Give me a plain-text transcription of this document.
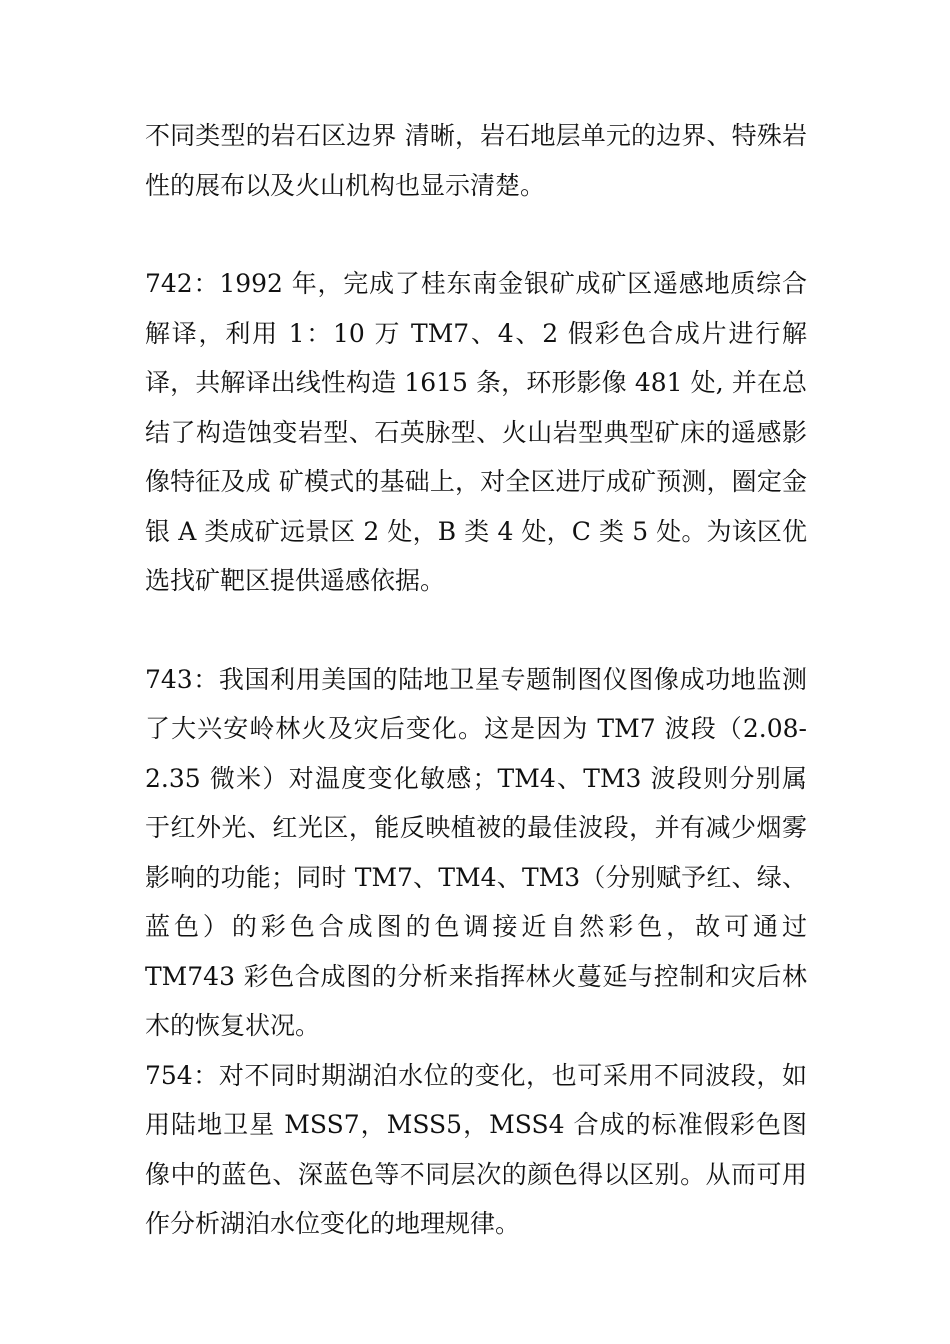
不同类型的岩石区边界 清晰，岩石地层单元的边界、特殊岩性的展布以及火山机构也显示清楚。

742：1992 年，完成了桂东南金银矿成矿区遥感地质综合解译，利用 1：10 万 TM7、4、2 假彩色合成片进行解译，共解译出线性构造 1615 条，环形影像 481 处, 并在总结了构造蚀变岩型、石英脉型、火山岩型典型矿床的遥感影像特征及成 矿模式的基础上，对全区进厅成矿预测，圈定金银 A 类成矿远景区 2 处，B 类 4 处，C 类 5 处。为该区优选找矿靶区提供遥感依据。

743：我国利用美国的陆地卫星专题制图仪图像成功地监测了大兴安岭林火及灾后变化。这是因为 TM7 波段（2.08-2.35 微米）对温度变化敏感；TM4、TM3 波段则分别属于红外光、红光区，能反映植被的最佳波段，并有减少烟雾影响的功能；同时 TM7、TM4、TM3（分别赋予红、绿、蓝色）的彩色合成图的色调接近自然彩色，故可通过 TM743 彩色合成图的分析来指挥林火蔓延与控制和灾后林木的恢复状况。

754：对不同时期湖泊水位的变化，也可采用不同波段，如用陆地卫星 MSS7，MSS5，MSS4 合成的标准假彩色图像中的蓝色、深蓝色等不同层次的颜色得以区别。从而可用作分析湖泊水位变化的地理规律。
